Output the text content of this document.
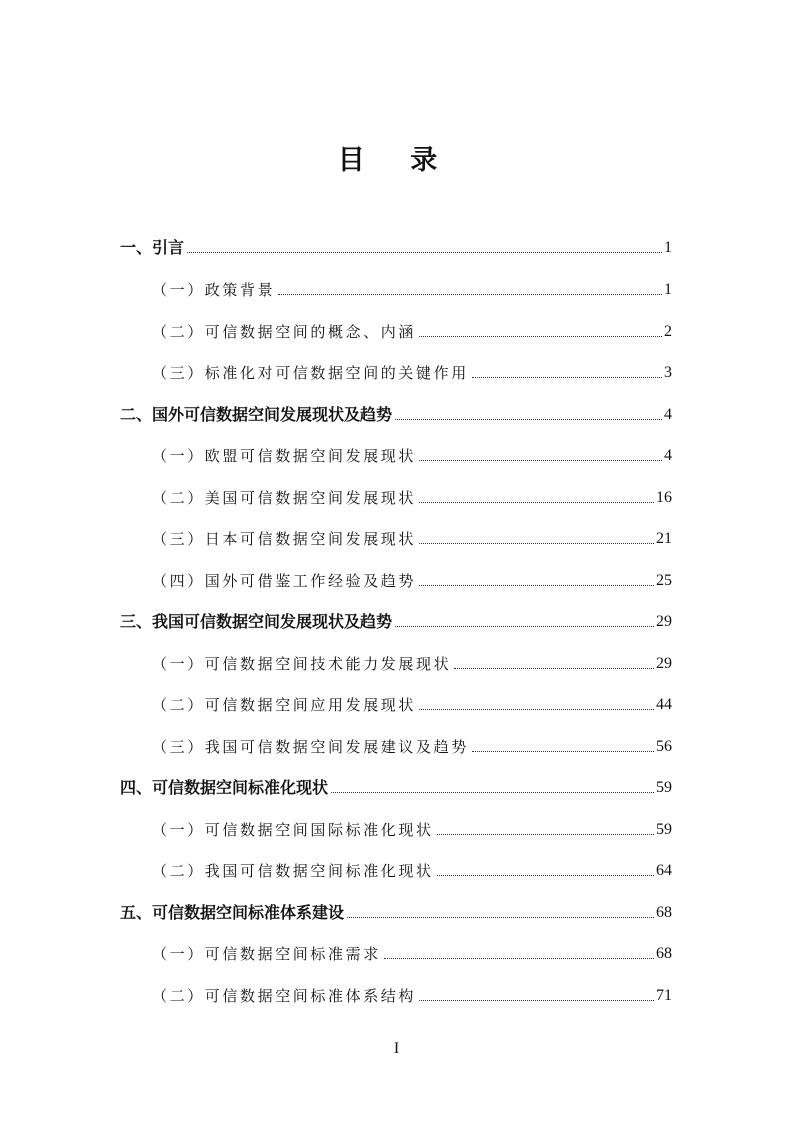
目 录
一、引言	1
（一）政策背景	1
（二）可信数据空间的概念、内涵	2
（三）标准化对可信数据空间的关键作用	3
二、国外可信数据空间发展现状及趋势	4
（一）欧盟可信数据空间发展现状	4
（二）美国可信数据空间发展现状	16
（三）日本可信数据空间发展现状	21
（四）国外可借鉴工作经验及趋势	25
三、我国可信数据空间发展现状及趋势	29
（一）可信数据空间技术能力发展现状	29
（二）可信数据空间应用发展现状	44
（三）我国可信数据空间发展建议及趋势	56
四、可信数据空间标准化现状	59
（一）可信数据空间国际标准化现状	59
（二）我国可信数据空间标准化现状	64
五、可信数据空间标准体系建设	68
（一）可信数据空间标准需求	68
（二）可信数据空间标准体系结构	71
I
